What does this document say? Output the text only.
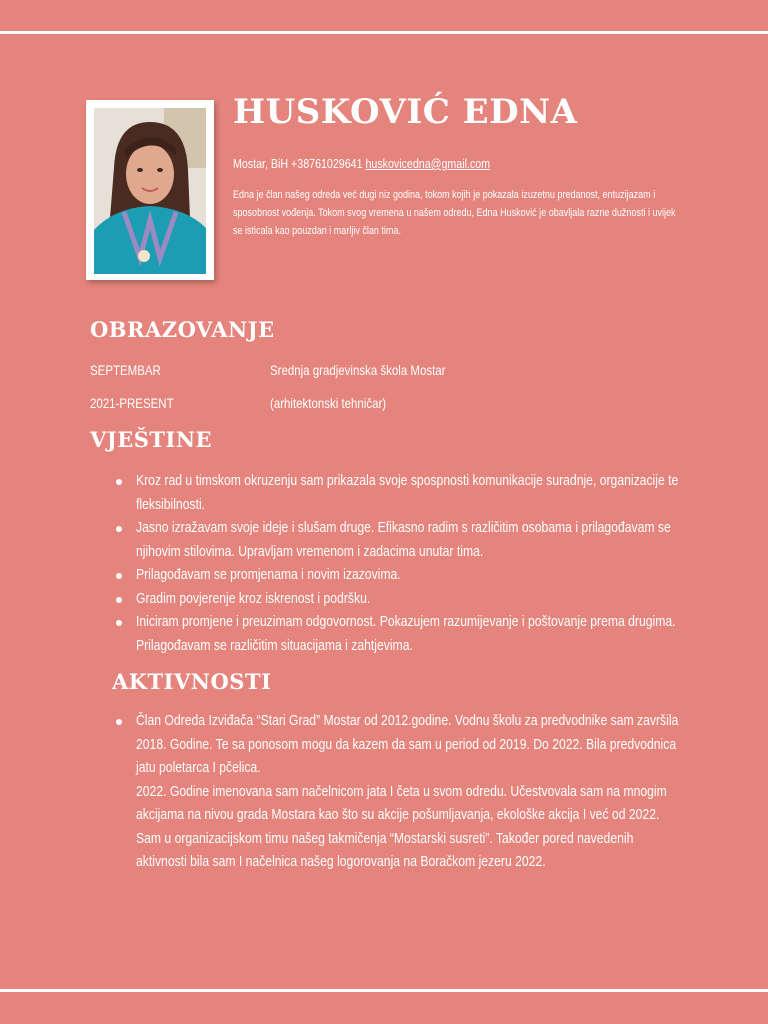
HUSKOVIĆ EDNA
Mostar, BiH +38761029641 huskovicedna@gmail.com
Edna je član našeg odreda već dugi niz godina, tokom kojih je pokazala izuzetnu predanost, entuzijazam i sposobnost vođenja. Tokom svog vremena u našem odredu, Edna Husković je obavljala razne dužnosti i uvijek se isticala kao pouzdan i marljiv član tima.
OBRAZOVANJE
SEPTEMBAR	Srednja gradjevinska škola Mostar
2021-PRESENT	(arhitektonski tehničar)
VJEŠTINE
Kroz rad u timskom okruzenju sam prikazala svoje spospnosti komunikacije suradnje, organizacije te fleksibilnosti.
Jasno izražavam svoje ideje i slušam druge. Efikasno radim s različitim osobama i prilagođavam se njihovim stilovima. Upravljam vremenom i zadacima unutar tima.
Prilagođavam se promjenama i novim izazovima.
Gradim povjerenje kroz iskrenost i podršku.
Iniciram promjene i preuzimam odgovornost. Pokazujem razumijevanje i poštovanje prema drugima. Prilagođavam se različitim situacijama i zahtjevima.
AKTIVNOSTI
Član Odreda Izviđača “Stari Grad” Mostar od 2012.godine. Vodnu školu za predvodnike sam završila 2018. Godine. Te sa ponosom mogu da kazem da sam u period od 2019. Do 2022. Bila predvodnica jatu poletarca I pčelica.
2022. Godine imenovana sam načelnicom jata I četa u svom odredu. Učestvovala sam na mnogim akcijama na nivou grada Mostara kao što su akcije pošumljavanja, ekološke akcija I već od 2022. Sam u organizacijskom timu našeg takmičenja “Mostarski susreti”. Također pored navedenih aktivnosti bila sam I načelnica našeg logorovanja na Boračkom jezeru 2022.
